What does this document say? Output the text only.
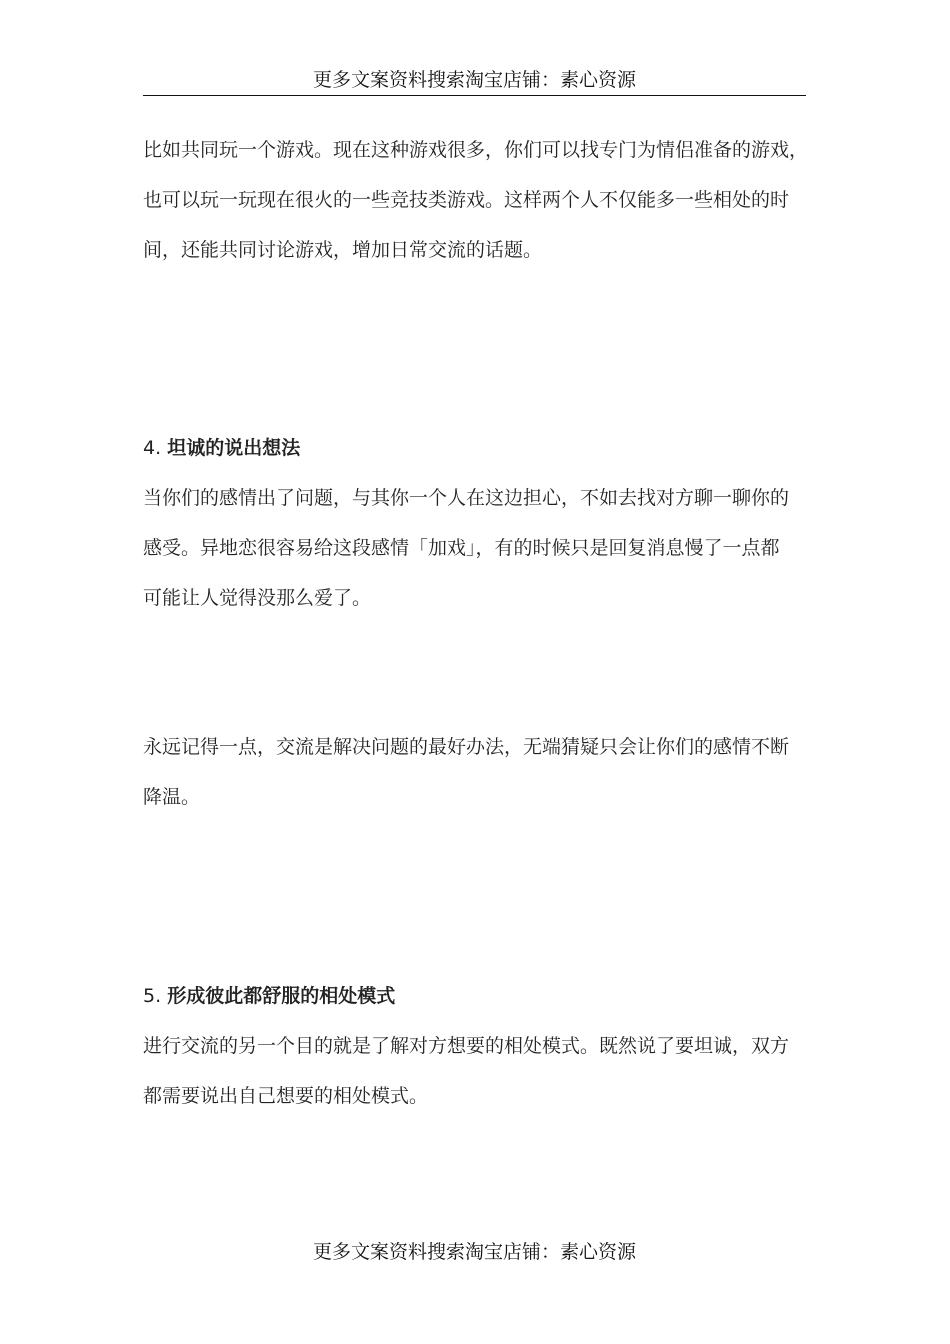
更多文案资料搜索淘宝店铺：素心资源
比如共同玩一个游戏。现在这种游戏很多，你们可以找专门为情侣准备的游戏，
也可以玩一玩现在很火的一些竞技类游戏。这样两个人不仅能多一些相处的时
间，还能共同讨论游戏，增加日常交流的话题。
4. 坦诚的说出想法
当你们的感情出了问题，与其你一个人在这边担心，不如去找对方聊一聊你的
感受。异地恋很容易给这段感情「加戏」，有的时候只是回复消息慢了一点都
可能让人觉得没那么爱了。
永远记得一点，交流是解决问题的最好办法，无端猜疑只会让你们的感情不断
降温。
5. 形成彼此都舒服的相处模式
进行交流的另一个目的就是了解对方想要的相处模式。既然说了要坦诚，双方
都需要说出自己想要的相处模式。
更多文案资料搜索淘宝店铺：素心资源
